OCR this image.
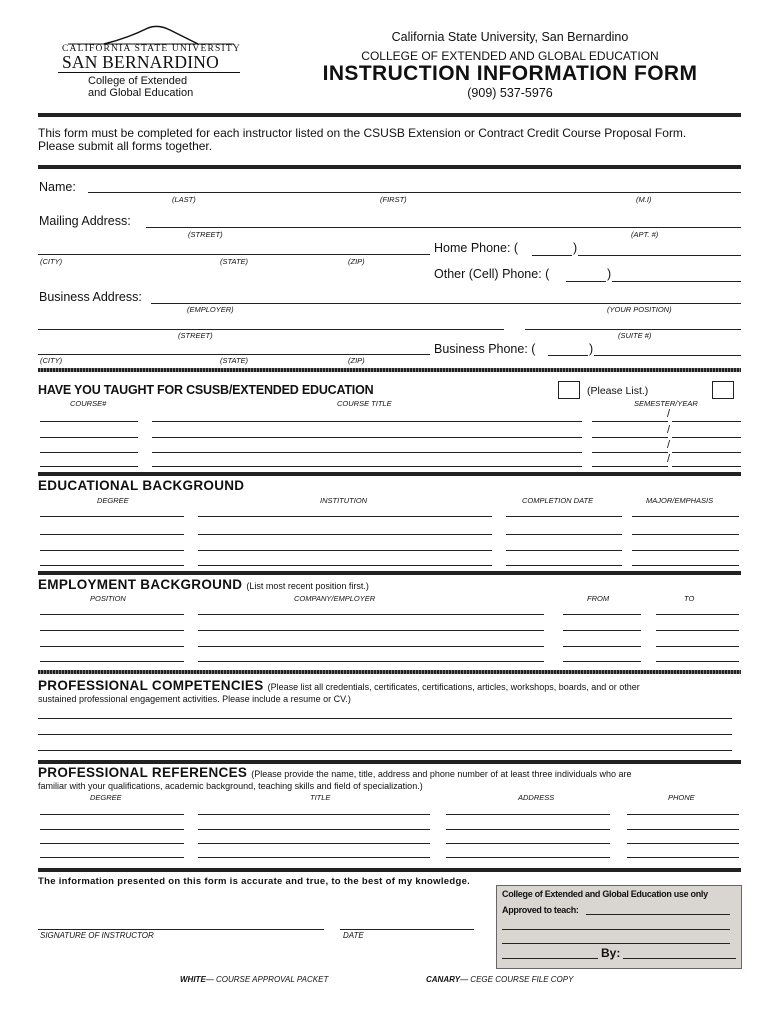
CALIFORNIA STATE UNIVERSITY
SAN BERNARDINO
College of Extended
and Global Education
California State University, San Bernardino
COLLEGE OF EXTENDED AND GLOBAL EDUCATION
INSTRUCTION INFORMATION FORM
(909) 537-5976
This form must be completed for each instructor listed on the CSUSB Extension or Contract Credit Course Proposal Form. Please submit all forms together.
Name:
(LAST)	(FIRST)	(M.I)
Mailing Address:
(STREET)	(APT. #)
(CITY)	(STATE)	(ZIP)
Home Phone: (	)
Other (Cell) Phone: (	)
Business Address:
(EMPLOYER)	(YOUR POSITION)
(STREET)	(SUITE #)
(CITY)	(STATE)	(ZIP)
Business Phone: (	)
HAVE YOU TAUGHT FOR CSUSB/EXTENDED EDUCATION	(Please List.)
COURSE#	COURSE TITLE	SEMESTER/YEAR
/
/
/
/
EDUCATIONAL BACKGROUND
DEGREE	INSTITUTION	COMPLETION DATE	MAJOR/EMPHASIS
EMPLOYMENT BACKGROUND (List most recent position first.)
POSITION	COMPANY/EMPLOYER	FROM	TO
PROFESSIONAL COMPETENCIES (Please list all credentials, certificates, certifications, articles, workshops, boards, and or other
sustained professional engagement activities. Please include a resume or CV.)
PROFESSIONAL REFERENCES (Please provide the name, title, address and phone number of at least three individuals who are
familiar with your qualifications, academic background, teaching skills and field of specialization.)
DEGREE	TITLE	ADDRESS	PHONE
The information presented on this form is accurate and true, to the best of my knowledge.
College of Extended and Global Education use only
Approved to teach:
By:
SIGNATURE OF INSTRUCTOR	DATE
WHITE— COURSE APPROVAL PACKET	CANARY— CEGE COURSE FILE COPY
